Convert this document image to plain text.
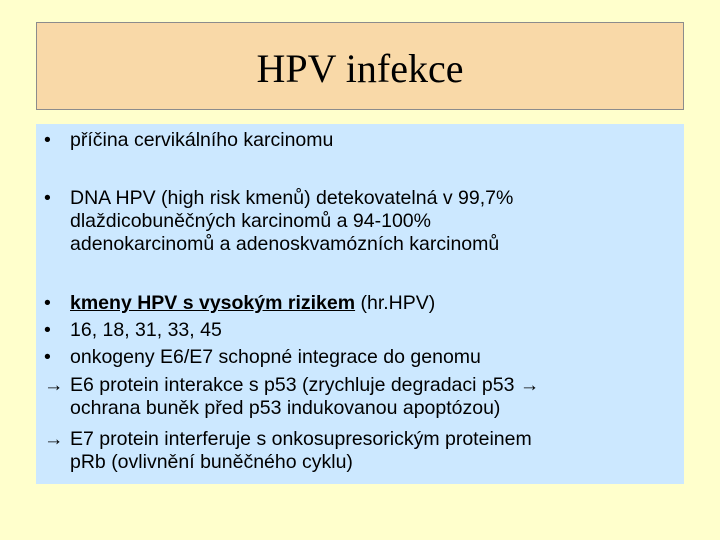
HPV infekce
• příčina cervikálního karcinomu
• DNA HPV (high risk kmenů) detekovatelná v 99,7%
dlaždicobuněčných karcinomů a 94-100%
adenokarcinomů a adenoskvamózních karcinomů
• kmeny HPV s vysokým rizikem (hr.HPV)
• 16, 18, 31, 33, 45
• onkogeny E6/E7 schopné integrace do genomu
→ E6 protein interakce s p53 (zrychluje degradaci p53 →
ochrana buněk před p53 indukovanou apoptózou)
→ E7 protein interferuje s onkosupresorickým proteinem
pRb (ovlivnění buněčného cyklu)
